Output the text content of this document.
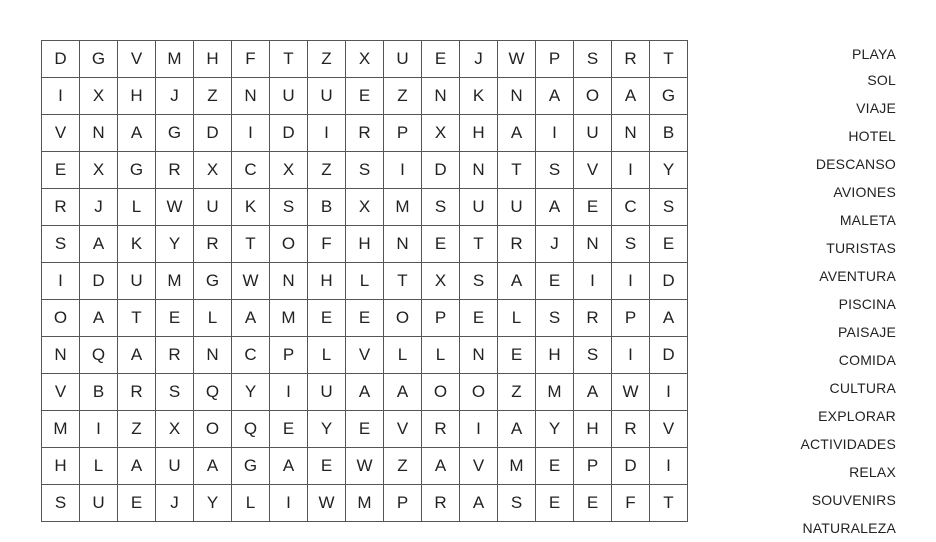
D	G	V	M	H	F	T	Z	X	U	E	J	W	P	S	R	T
I	X	H	J	Z	N	U	U	E	Z	N	K	N	A	O	A	G
V	N	A	G	D	I	D	I	R	P	X	H	A	I	U	N	B
E	X	G	R	X	C	X	Z	S	I	D	N	T	S	V	I	Y
R	J	L	W	U	K	S	B	X	M	S	U	U	A	E	C	S
S	A	K	Y	R	T	O	F	H	N	E	T	R	J	N	S	E
I	D	U	M	G	W	N	H	L	T	X	S	A	E	I	I	D
O	A	T	E	L	A	M	E	E	O	P	E	L	S	R	P	A
N	Q	A	R	N	C	P	L	V	L	L	N	E	H	S	I	D
V	B	R	S	Q	Y	I	U	A	A	O	O	Z	M	A	W	I
M	I	Z	X	O	Q	E	Y	E	V	R	I	A	Y	H	R	V
H	L	A	U	A	G	A	E	W	Z	A	V	M	E	P	D	I
S	U	E	J	Y	L	I	W	M	P	R	A	S	E	E	F	T
PLAYA
SOL
VIAJE
HOTEL
DESCANSO
AVIONES
MALETA
TURISTAS
AVENTURA
PISCINA
PAISAJE
COMIDA
CULTURA
EXPLORAR
ACTIVIDADES
RELAX
SOUVENIRS
NATURALEZA
